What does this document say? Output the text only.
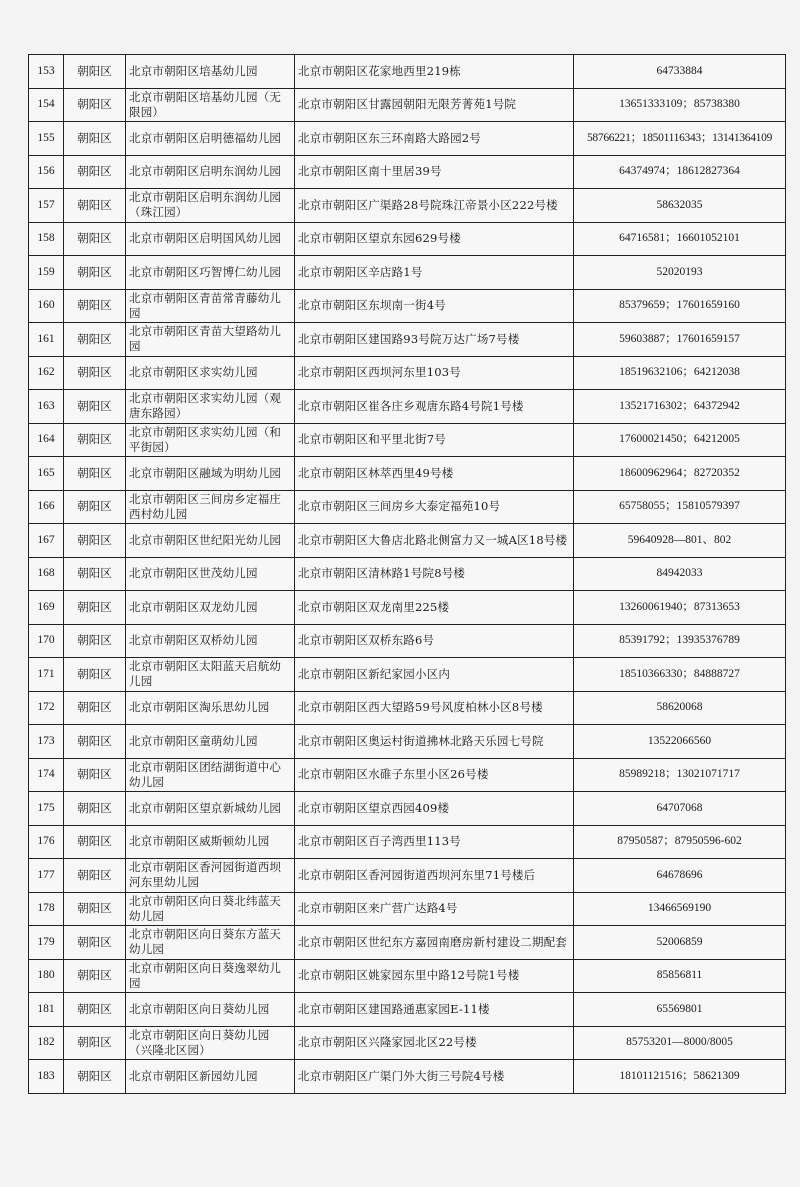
153	朝阳区	北京市朝阳区培基幼儿园	北京市朝阳区花家地西里219栋	64733884
154	朝阳区	北京市朝阳区培基幼儿园（无限园）	北京市朝阳区甘露园朝阳无限芳菁苑1号院	13651333109；85738380
155	朝阳区	北京市朝阳区启明德福幼儿园	北京市朝阳区东三环南路大路园2号	58766221；18501116343；13141364109
156	朝阳区	北京市朝阳区启明东润幼儿园	北京市朝阳区南十里居39号	64374974；18612827364
157	朝阳区	北京市朝阳区启明东润幼儿园（珠江园）	北京市朝阳区广渠路28号院珠江帝景小区222号楼	58632035
158	朝阳区	北京市朝阳区启明国风幼儿园	北京市朝阳区望京东园629号楼	64716581；16601052101
159	朝阳区	北京市朝阳区巧智博仁幼儿园	北京市朝阳区辛店路1号	52020193
160	朝阳区	北京市朝阳区青苗常青藤幼儿园	北京市朝阳区东坝南一街4号	85379659；17601659160
161	朝阳区	北京市朝阳区青苗大望路幼儿园	北京市朝阳区建国路93号院万达广场7号楼	59603887；17601659157
162	朝阳区	北京市朝阳区求实幼儿园	北京市朝阳区西坝河东里103号	18519632106；64212038
163	朝阳区	北京市朝阳区求实幼儿园（观唐东路园）	北京市朝阳区崔各庄乡观唐东路4号院1号楼	13521716302；64372942
164	朝阳区	北京市朝阳区求实幼儿园（和平街园）	北京市朝阳区和平里北街7号	17600021450；64212005
165	朝阳区	北京市朝阳区融域为明幼儿园	北京市朝阳区林萃西里49号楼	18600962964；82720352
166	朝阳区	北京市朝阳区三间房乡定福庄西村幼儿园	北京市朝阳区三间房乡大泰定福苑10号	65758055；15810579397
167	朝阳区	北京市朝阳区世纪阳光幼儿园	北京市朝阳区大鲁店北路北侧富力又一城A区18号楼	59640928—801、802
168	朝阳区	北京市朝阳区世茂幼儿园	北京市朝阳区清林路1号院8号楼	84942033
169	朝阳区	北京市朝阳区双龙幼儿园	北京市朝阳区双龙南里225楼	13260061940；87313653
170	朝阳区	北京市朝阳区双桥幼儿园	北京市朝阳区双桥东路6号	85391792；13935376789
171	朝阳区	北京市朝阳区太阳蓝天启航幼儿园	北京市朝阳区新纪家园小区内	18510366330；84888727
172	朝阳区	北京市朝阳区淘乐思幼儿园	北京市朝阳区西大望路59号风度柏林小区8号楼	58620068
173	朝阳区	北京市朝阳区童萌幼儿园	北京市朝阳区奥运村街道拂林北路天乐园七号院	13522066560
174	朝阳区	北京市朝阳区团结湖街道中心幼儿园	北京市朝阳区水碓子东里小区26号楼	85989218；13021071717
175	朝阳区	北京市朝阳区望京新城幼儿园	北京市朝阳区望京西园409楼	64707068
176	朝阳区	北京市朝阳区威斯顿幼儿园	北京市朝阳区百子湾西里113号	87950587；87950596-602
177	朝阳区	北京市朝阳区香河园街道西坝河东里幼儿园	北京市朝阳区香河园街道西坝河东里71号楼后	64678696
178	朝阳区	北京市朝阳区向日葵北纬蓝天幼儿园	北京市朝阳区来广营广达路4号	13466569190
179	朝阳区	北京市朝阳区向日葵东方蓝天幼儿园	北京市朝阳区世纪东方嘉园南磨房新村建设二期配套	52006859
180	朝阳区	北京市朝阳区向日葵逸翠幼儿园	北京市朝阳区姚家园东里中路12号院1号楼	85856811
181	朝阳区	北京市朝阳区向日葵幼儿园	北京市朝阳区建国路通惠家园E-11楼	65569801
182	朝阳区	北京市朝阳区向日葵幼儿园（兴隆北区园）	北京市朝阳区兴隆家园北区22号楼	85753201—8000/8005
183	朝阳区	北京市朝阳区新园幼儿园	北京市朝阳区广渠门外大街三号院4号楼	18101121516；58621309
